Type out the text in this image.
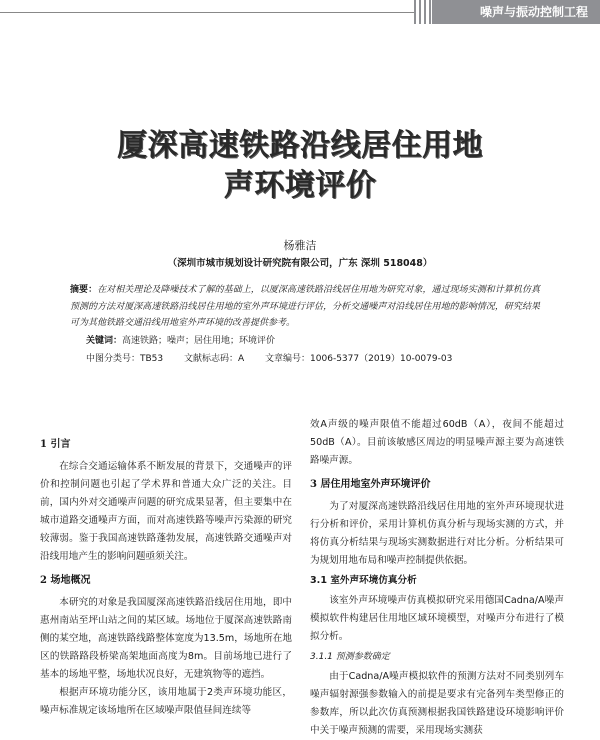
噪声与振动控制工程
厦深高速铁路沿线居住用地
声环境评价
杨雅洁
（深圳市城市规划设计研究院有限公司，广东 深圳 518048）
摘要：在对相关理论及降噪技术了解的基础上，以厦深高速铁路沿线居住用地为研究对象，通过现场实测和计算机仿真预测的方法对厦深高速铁路沿线居住用地的室外声环境进行评估，分析交通噪声对沿线居住用地的影响情况，研究结果可为其他铁路交通沿线用地室外声环境的改善提供参考。
关键词：高速铁路；噪声；居住用地；环境评价
中图分类号：TB53 文献标志码：A 文章编号：1006-5377（2019）10-0079-03
1 引言

在综合交通运输体系不断发展的背景下，交通噪声的评价和控制问题也引起了学术界和普通大众广泛的关注。目前，国内外对交通噪声问题的研究成果显著，但主要集中在城市道路交通噪声方面，而对高速铁路等噪声污染源的研究较薄弱。鉴于我国高速铁路蓬勃发展，高速铁路交通噪声对沿线用地产生的影响问题亟须关注。

2 场地概况

本研究的对象是我国厦深高速铁路沿线居住用地，即中惠州南站至坪山站之间的某区域。场地位于厦深高速铁路南侧的某空地，高速铁路线路整体宽度为13.5m，场地所在地区的铁路路段桥梁高架地面高度为8m。目前场地已进行了基本的场地平整，场地状况良好，无建筑物等的遮挡。

根据声环境功能分区，该用地属于2类声环境功能区，噪声标准规定该场地所在区域噪声限值昼间连续等

效A声级的噪声限值不能超过60dB（A），夜间不能超过50dB（A）。目前该敏感区周边的明显噪声源主要为高速铁路噪声源。

3 居住用地室外声环境评价

为了对厦深高速铁路沿线居住用地的室外声环境现状进行分析和评价，采用计算机仿真分析与现场实测的方式，并将仿真分析结果与现场实测数据进行对比分析。分析结果可为规划用地布局和噪声控制提供依据。

3.1 室外声环境仿真分析

该室外声环境噪声仿真模拟研究采用德国Cadna/A噪声模拟软件构建居住用地区域环境模型，对噪声分布进行了模拟分析。

3.1.1 预测参数确定

由于Cadna/A噪声模拟软件的预测方法对不同类别列车噪声辐射源强参数输入的前提是要求有完备列车类型修正的参数库，所以此次仿真预测根据我国铁路建设环境影响评价中关于噪声预测的需要，采用现场实测获
